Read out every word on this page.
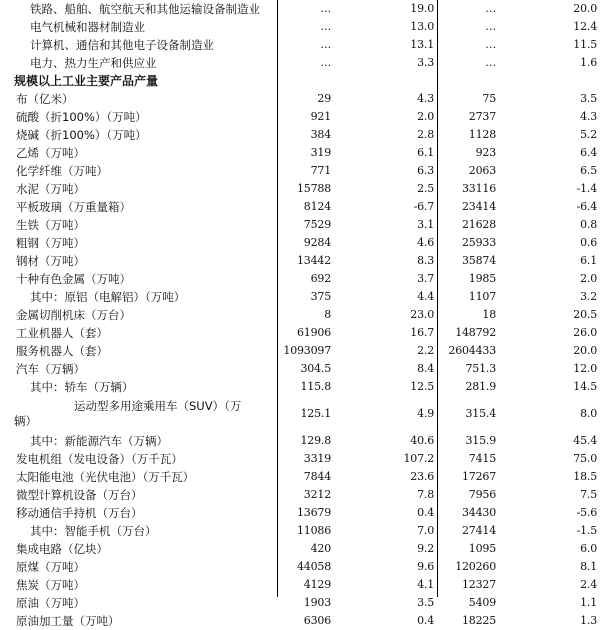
铁路、船舶、航空航天和其他运输设备制造业	…	19.0	…	20.0
电气机械和器材制造业	…	13.0	…	12.4
计算机、通信和其他电子设备制造业	…	13.1	…	11.5
电力、热力生产和供应业	…	3.3	…	1.6
规模以上工业主要产品产量				
布（亿米）	29	4.3	75	3.5
硫酸（折100%）（万吨）	921	2.0	2737	4.3
烧碱（折100%）（万吨）	384	2.8	1128	5.2
乙烯（万吨）	319	6.1	923	6.4
化学纤维（万吨）	771	6.3	2063	6.5
水泥（万吨）	15788	2.5	33116	-1.4
平板玻璃（万重量箱）	8124	-6.7	23414	-6.4
生铁（万吨）	7529	3.1	21628	0.8
粗钢（万吨）	9284	4.6	25933	0.6
钢材（万吨）	13442	8.3	35874	6.1
十种有色金属（万吨）	692	3.7	1985	2.0
其中：原铝（电解铝）（万吨）	375	4.4	1107	3.2
金属切削机床（万台）	8	23.0	18	20.5
工业机器人（套）	61906	16.7	148792	26.0
服务机器人（套）	1093097	2.2	2604433	20.0
汽车（万辆）	304.5	8.4	751.3	12.0
其中：轿车（万辆）	115.8	12.5	281.9	14.5

运动型多用途乘用车（SUV）（万
辆）	125.1	4.9	315.4	8.0
其中：新能源汽车（万辆）	129.8	40.6	315.9	45.4
发电机组（发电设备）（万千瓦）	3319	107.2	7415	75.0
太阳能电池（光伏电池）（万千瓦）	7844	23.6	17267	18.5
微型计算机设备（万台）	3212	7.8	7956	7.5
移动通信手持机（万台）	13679	0.4	34430	-5.6
其中：智能手机（万台）	11086	7.0	27414	-1.5
集成电路（亿块）	420	9.2	1095	6.0
原煤（万吨）	44058	9.6	120260	8.1
焦炭（万吨）	4129	4.1	12327	2.4
原油（万吨）	1903	3.5	5409	1.1
原油加工量（万吨）	6306	0.4	18225	1.3
